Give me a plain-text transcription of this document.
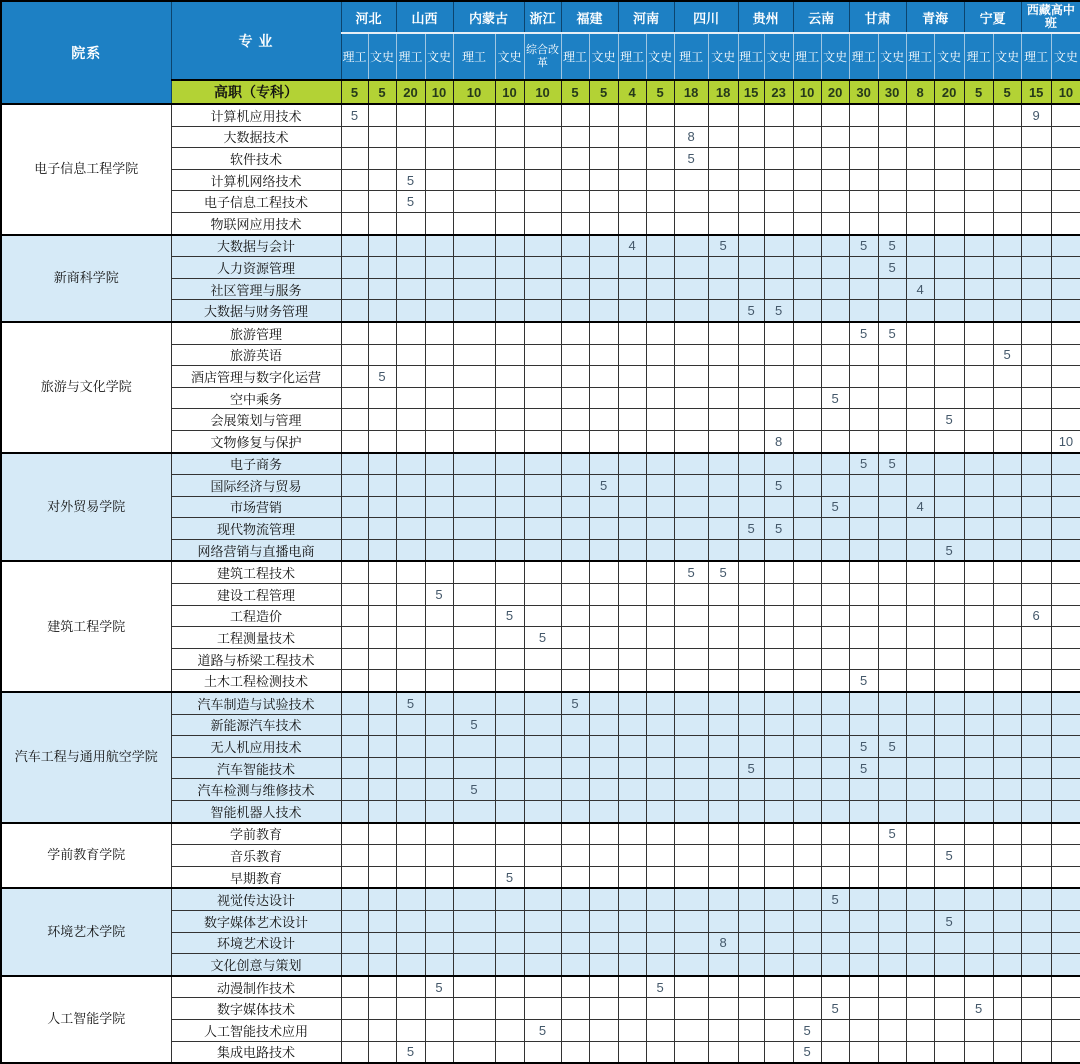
院系	专 业	河北		山西		内蒙古		浙江	福建		河南		四川		贵州		云南		甘肃		青海		宁夏		西藏高中班	
		理工	文史	理工	文史	理工	文史	综合改革	理工	文史	理工	文史	理工	文史	理工	文史	理工	文史	理工	文史	理工	文史	理工	文史	理工	文史
	高职（专科）	5	5	20	10	10	10	10	5	5	4	5	18	18	15	23	10	20	30	30	8	20	5	5	15	10
电子信息工程学院	计算机应用技术	5																							9	
	大数据技术												8													
	软件技术												5													
	计算机网络技术			5																						
	电子信息工程技术			5																						
	物联网应用技术																									
新商科学院	大数据与会计										4			5					5	5						
	人力资源管理																			5						
	社区管理与服务																				4					
	大数据与财务管理														5	5										
旅游与文化学院	旅游管理																		5	5						
	旅游英语																							5		
	酒店管理与数字化运营		5																							
	空中乘务																	5								
	会展策划与管理																					5				
	文物修复与保护															8										10
对外贸易学院	电子商务																		5	5						
	国际经济与贸易									5						5										
	市场营销																	5			4					
	现代物流管理														5	5										
	网络营销与直播电商																					5				
建筑工程学院	建筑工程技术												5	5												
	建设工程管理				5																					
	工程造价						5																		6	
	工程测量技术							5																		
	道路与桥梁工程技术																									
	土木工程检测技术																		5							
汽车工程与通用航空学院	汽车制造与试验技术			5					5																	
	新能源汽车技术					5																				
	无人机应用技术																		5	5						
	汽车智能技术														5				5							
	汽车检测与维修技术					5																				
	智能机器人技术																									
学前教育学院	学前教育																			5						
	音乐教育																					5				
	早期教育						5																			
环境艺术学院	视觉传达设计																	5								
	数字媒体艺术设计																					5				
	环境艺术设计													8												
	文化创意与策划																									
人工智能学院	动漫制作技术				5							5														
	数字媒体技术																	5					5			
	人工智能技术应用							5									5									
	集成电路技术			5													5									
